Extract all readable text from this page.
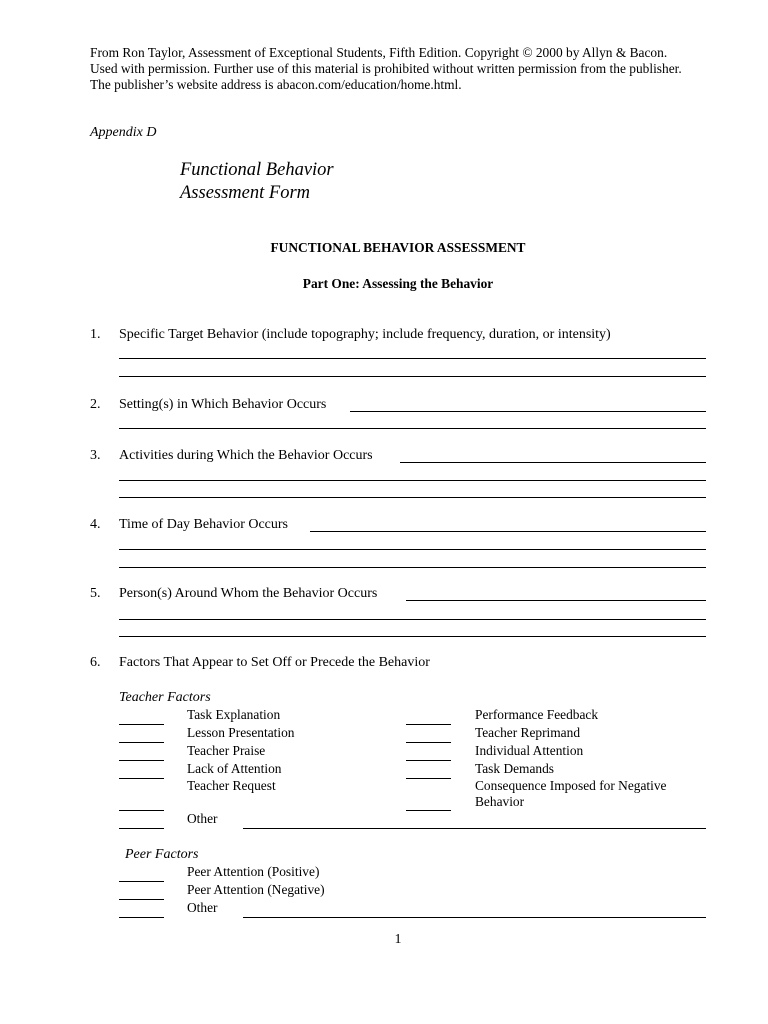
From Ron Taylor, Assessment of Exceptional Students, Fifth Edition. Copyright © 2000 by Allyn & Bacon.
Used with permission. Further use of this material is prohibited without written permission from the publisher.
The publisher’s website address is abacon.com/education/home.html.
Appendix D
Functional Behavior
Assessment Form
FUNCTIONAL BEHAVIOR ASSESSMENT
Part One: Assessing the Behavior
1. Specific Target Behavior (include topography; include frequency, duration, or intensity)
2. Setting(s) in Which Behavior Occurs
3. Activities during Which the Behavior Occurs
4. Time of Day Behavior Occurs
5. Person(s) Around Whom the Behavior Occurs
6. Factors That Appear to Set Off or Precede the Behavior
Teacher Factors
Task Explanation
Lesson Presentation
Teacher Praise
Lack of Attention
Teacher Request
Performance Feedback
Teacher Reprimand
Individual Attention
Task Demands
Consequence Imposed for Negative
Behavior
Other
Peer Factors
Peer Attention (Positive)
Peer Attention (Negative)
Other
1
